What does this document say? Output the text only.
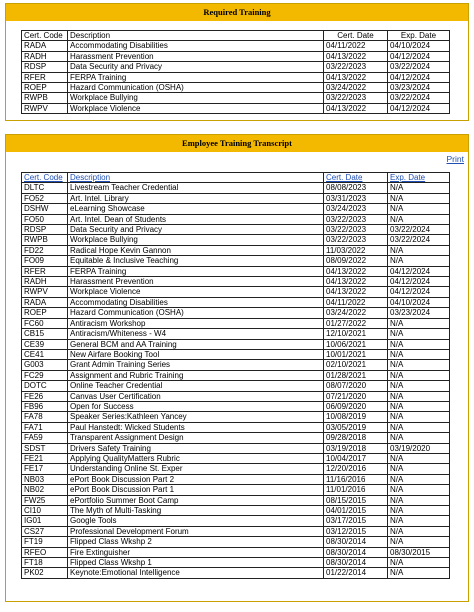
Required Training
Cert. Code	Description	Cert. Date	Exp. Date
RADA	Accommodating Disabilities	04/11/2022	04/10/2024
RADH	Harassment Prevention	04/13/2022	04/12/2024
RDSP	Data Security and Privacy	03/22/2023	03/22/2024
RFER	FERPA Training	04/13/2022	04/12/2024
ROEP	Hazard Communication (OSHA)	03/24/2022	03/23/2024
RWPB	Workplace Bullying	03/22/2023	03/22/2024
RWPV	Workplace Violence	04/13/2022	04/12/2024
Employee Training Transcript
Print
Cert. Code	Description	Cert. Date	Exp. Date
DLTC	Livestream Teacher Credential	08/08/2023	N/A
FO52	Art. Intel. Library	03/31/2023	N/A
DSHW	eLearning Showcase	03/24/2023	N/A
FO50	Art. Intel. Dean of Students	03/22/2023	N/A
RDSP	Data Security and Privacy	03/22/2023	03/22/2024
RWPB	Workplace Bullying	03/22/2023	03/22/2024
FD22	Radical Hope Kevin Gannon	11/03/2022	N/A
FO09	Equitable & Inclusive Teaching	08/09/2022	N/A
RFER	FERPA Training	04/13/2022	04/12/2024
RADH	Harassment Prevention	04/13/2022	04/12/2024
RWPV	Workplace Violence	04/13/2022	04/12/2024
RADA	Accommodating Disabilities	04/11/2022	04/10/2024
ROEP	Hazard Communication (OSHA)	03/24/2022	03/23/2024
FC60	Antiracism Workshop	01/27/2022	N/A
CB15	Antiracism/Whiteness - W4	12/10/2021	N/A
CE39	General BCM and AA Training	10/06/2021	N/A
CE41	New Airfare Booking Tool	10/01/2021	N/A
G003	Grant Admin Training Series	02/10/2021	N/A
FC29	Assignment and Rubric Training	01/28/2021	N/A
DOTC	Online Teacher Credential	08/07/2020	N/A
FE26	Canvas User Certification	07/21/2020	N/A
FB96	Open for Success	06/09/2020	N/A
FA78	Speaker Series:Kathleen Yancey	10/08/2019	N/A
FA71	Paul Hanstedt: Wicked Students	03/05/2019	N/A
FA59	Transparent Assignment Design	09/28/2018	N/A
SDST	Drivers Safety Training	03/19/2018	03/19/2020
FE21	Applying QualityMatters Rubric	10/04/2017	N/A
FE17	Understanding Online St. Exper	12/20/2016	N/A
NB03	ePort Book Discussion Part 2	11/16/2016	N/A
NB02	ePort Book Discussion Part 1	11/01/2016	N/A
FW25	ePortfolio Summer Boot Camp	08/15/2015	N/A
CI10	The Myth of Multi-Tasking	04/01/2015	N/A
IG01	Google Tools	03/17/2015	N/A
CS27	Professional Development Forum	03/12/2015	N/A
FT19	Flipped Class Wkshp 2	08/30/2014	N/A
RFEO	Fire Extinguisher	08/30/2014	08/30/2015
FT18	Flipped Class Wkshp 1	08/30/2014	N/A
PK02	Keynote:Emotional Intelligence	01/22/2014	N/A
